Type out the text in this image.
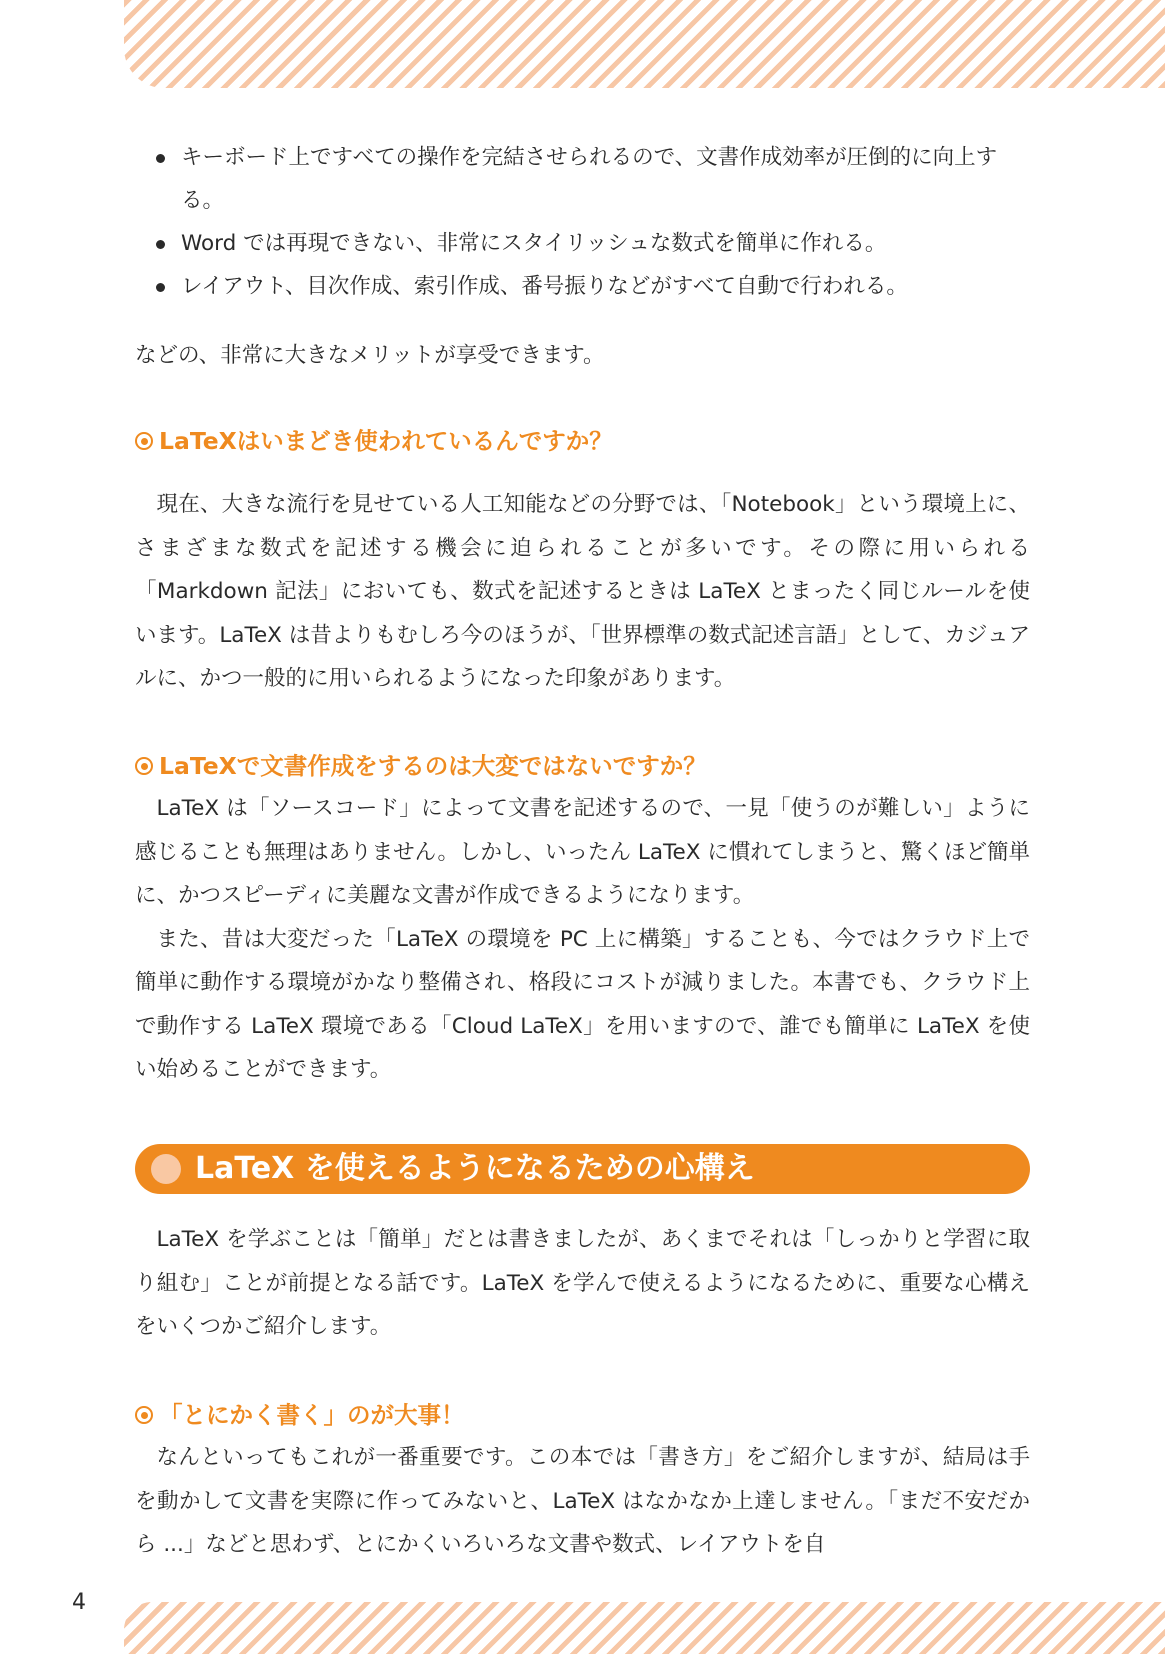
キーボード上ですべての操作を完結させられるので、文書作成効率が圧倒的に向上する。
Word では再現できない、非常にスタイリッシュな数式を簡単に作れる。
レイアウト、目次作成、索引作成、番号振りなどがすべて自動で行われる。

などの、非常に大きなメリットが享受できます。

LaTeXはいまどき使われているんですか？

現在、大きな流行を見せている人工知能などの分野では、「Notebook」という環境上に、さまざまな数式を記述する機会に迫られることが多いです。その際に用いられる「Markdown 記法」においても、数式を記述するときは LaTeX とまったく同じルールを使います。LaTeX は昔よりもむしろ今のほうが、「世界標準の数式記述言語」として、カジュアルに、かつ一般的に用いられるようになった印象があります。

LaTeXで文書作成をするのは大変ではないですか？

LaTeX は「ソースコード」によって文書を記述するので、一見「使うのが難しい」ように感じることも無理はありません。しかし、いったん LaTeX に慣れてしまうと、驚くほど簡単に、かつスピーディに美麗な文書が作成できるようになります。

また、昔は大変だった「LaTeX の環境を PC 上に構築」することも、今ではクラウド上で簡単に動作する環境がかなり整備され、格段にコストが減りました。本書でも、クラウド上で動作する LaTeX 環境である「Cloud LaTeX」を用いますので、誰でも簡単に LaTeX を使い始めることができます。

LaTeX を使えるようになるための心構え

LaTeX を学ぶことは「簡単」だとは書きましたが、あくまでそれは「しっかりと学習に取り組む」ことが前提となる話です。LaTeX を学んで使えるようになるために、重要な心構えをいくつかご紹介します。

「とにかく書く」のが大事！

なんといってもこれが一番重要です。この本では「書き方」をご紹介しますが、結局は手を動かして文書を実際に作ってみないと、LaTeX はなかなか上達しません。「まだ不安だから ...」などと思わず、とにかくいろいろな文書や数式、レイアウトを自

4
